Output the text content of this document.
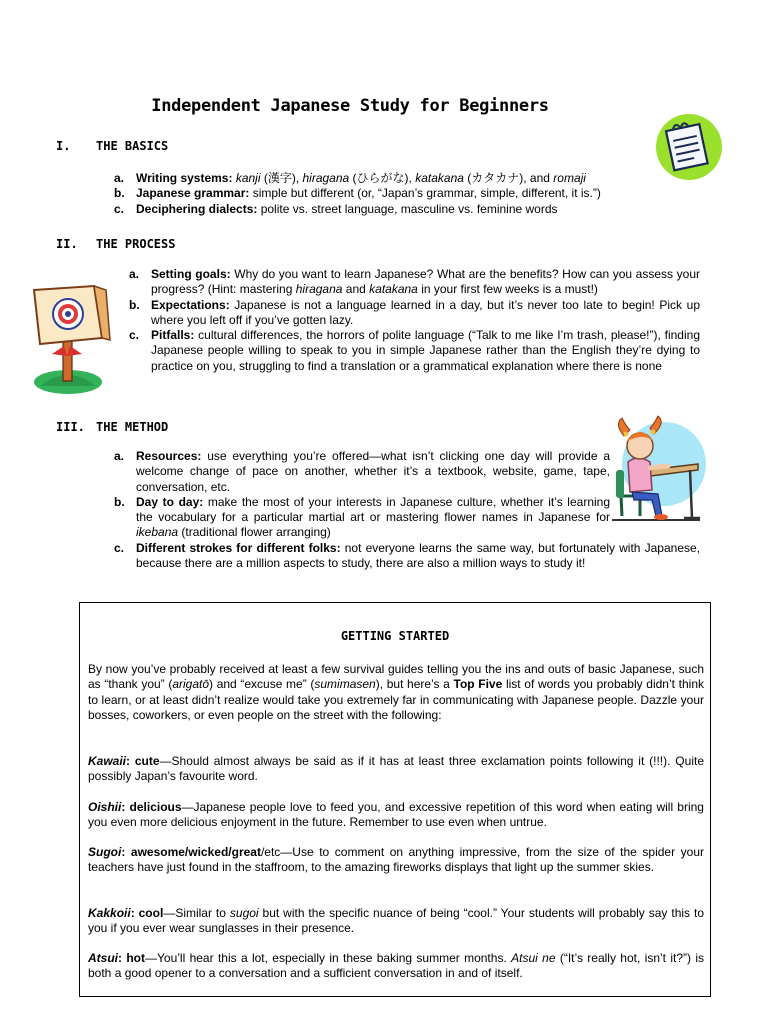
Independent Japanese Study for Beginners
I. THE BASICS
a. Writing systems: kanji (漢字), hiragana (ひらがな), katakana (カタカナ), and romaji
b. Japanese grammar: simple but different (or, “Japan’s grammar, simple, different, it is.”)
c. Deciphering dialects: polite vs. street language, masculine vs. feminine words
II. THE PROCESS
a. Setting goals: Why do you want to learn Japanese? What are the benefits? How can you assess your progress? (Hint: mastering hiragana and katakana in your first few weeks is a must!)
b. Expectations: Japanese is not a language learned in a day, but it’s never too late to begin! Pick up where you left off if you’ve gotten lazy.
c. Pitfalls: cultural differences, the horrors of polite language (“Talk to me like I’m trash, please!”), finding Japanese people willing to speak to you in simple Japanese rather than the English they’re dying to practice on you, struggling to find a translation or a grammatical explanation where there is none
III. THE METHOD
a. Resources: use everything you’re offered—what isn’t clicking one day will provide a welcome change of pace on another, whether it’s a textbook, website, game, tape, conversation, etc.
b. Day to day: make the most of your interests in Japanese culture, whether it’s learning the vocabulary for a particular martial art or mastering flower names in Japanese for ikebana (traditional flower arranging)
c. Different strokes for different folks: not everyone learns the same way, but fortunately with Japanese, because there are a million aspects to study, there are also a million ways to study it!
GETTING STARTED
By now you’ve probably received at least a few survival guides telling you the ins and outs of basic Japanese, such as “thank you” (arigatō) and “excuse me” (sumimasen), but here’s a Top Five list of words you probably didn’t think to learn, or at least didn’t realize would take you extremely far in communicating with Japanese people. Dazzle your bosses, coworkers, or even people on the street with the following:
Kawaii: cute—Should almost always be said as if it has at least three exclamation points following it (!!!). Quite possibly Japan’s favourite word.
Oishii: delicious—Japanese people love to feed you, and excessive repetition of this word when eating will bring you even more delicious enjoyment in the future. Remember to use even when untrue.
Sugoi: awesome/wicked/great/etc—Use to comment on anything impressive, from the size of the spider your teachers have just found in the staffroom, to the amazing fireworks displays that light up the summer skies.
Kakkoii: cool—Similar to sugoi but with the specific nuance of being “cool.” Your students will probably say this to you if you ever wear sunglasses in their presence.
Atsui: hot—You’ll hear this a lot, especially in these baking summer months. Atsui ne (“It’s really hot, isn’t it?”) is both a good opener to a conversation and a sufficient conversation in and of itself.
